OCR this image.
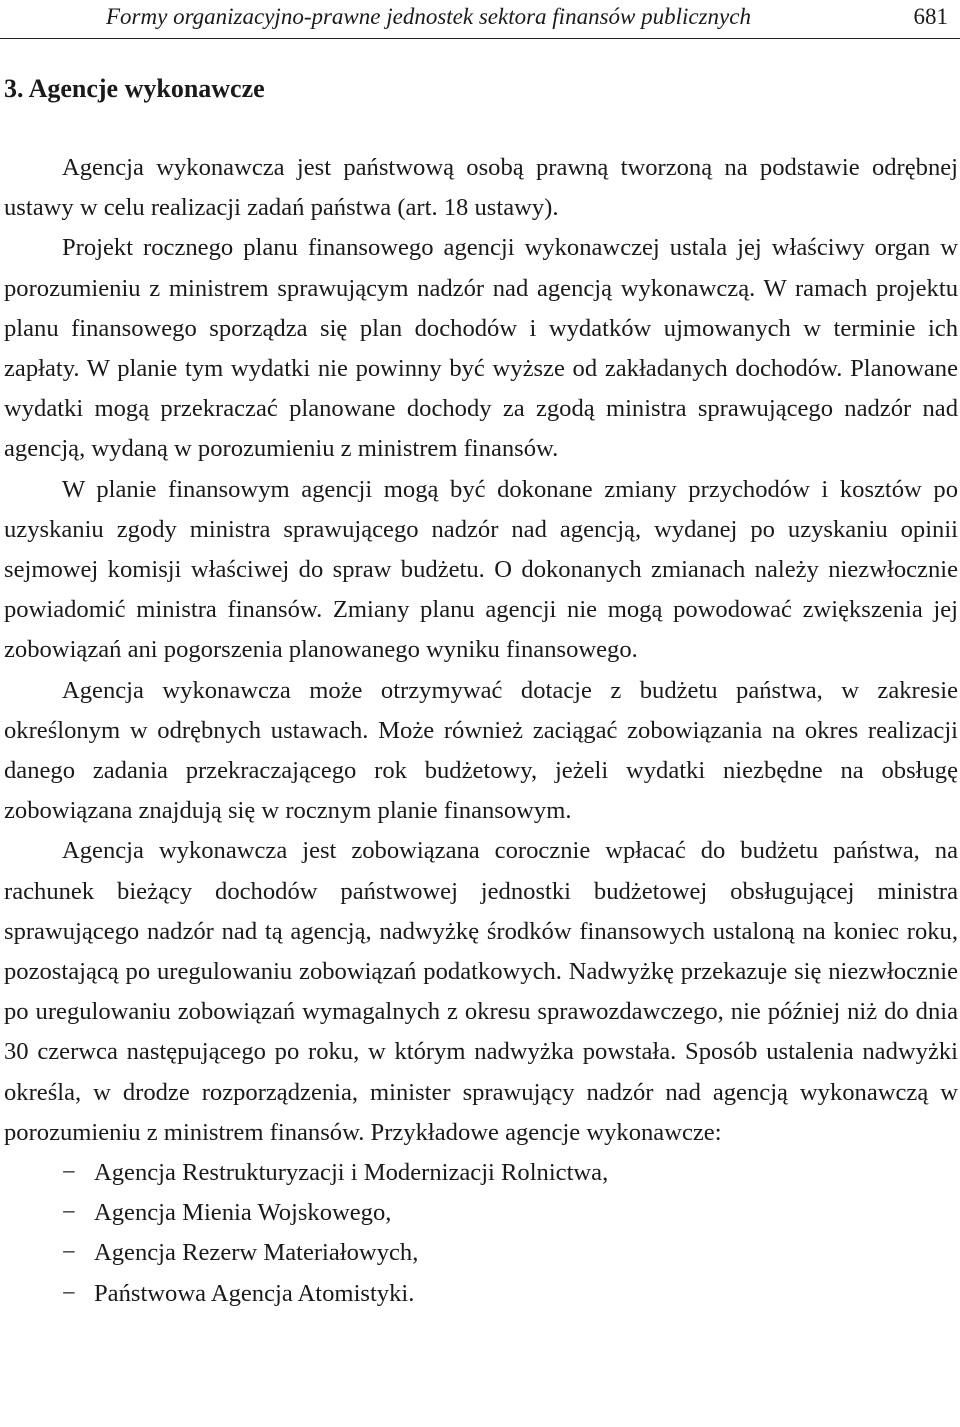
Formy organizacyjno-prawne jednostek sektora finansów publicznych	681
3. Agencje wykonawcze

Agencja wykonawcza jest państwową osobą prawną tworzoną na podstawie odrębnej ustawy w celu realizacji zadań państwa (art. 18 ustawy).

Projekt rocznego planu finansowego agencji wykonawczej ustala jej właściwy organ w porozumieniu z ministrem sprawującym nadzór nad agencją wykonawczą. W ramach projektu planu finansowego sporządza się plan dochodów i wydatków ujmowanych w terminie ich zapłaty. W planie tym wydatki nie powinny być wyższe od zakładanych dochodów. Planowane wydatki mogą przekraczać planowane dochody za zgodą ministra sprawującego nadzór nad agencją, wydaną w porozumieniu z ministrem finansów.

W planie finansowym agencji mogą być dokonane zmiany przychodów i kosztów po uzyskaniu zgody ministra sprawującego nadzór nad agencją, wydanej po uzyskaniu opinii sejmowej komisji właściwej do spraw budżetu. O dokonanych zmianach należy niezwłocznie powiadomić ministra finansów. Zmiany planu agencji nie mogą powodować zwiększenia jej zobowiązań ani pogorszenia planowanego wyniku finansowego.

Agencja wykonawcza może otrzymywać dotacje z budżetu państwa, w zakresie określonym w odrębnych ustawach. Może również zaciągać zobowiązania na okres realizacji danego zadania przekraczającego rok budżetowy, jeżeli wydatki niezbędne na obsługę zobowiązana znajdują się w rocznym planie finansowym.

Agencja wykonawcza jest zobowiązana corocznie wpłacać do budżetu państwa, na rachunek bieżący dochodów państwowej jednostki budżetowej obsługującej ministra sprawującego nadzór nad tą agencją, nadwyżkę środków finansowych ustaloną na koniec roku, pozostającą po uregulowaniu zobowiązań podatkowych. Nadwyżkę przekazuje się niezwłocznie po uregulowaniu zobowiązań wymagalnych z okresu sprawozdawczego, nie później niż do dnia 30 czerwca następującego po roku, w którym nadwyżka powstała. Sposób ustalenia nadwyżki określa, w drodze rozporządzenia, minister sprawujący nadzór nad agencją wykonawczą w porozumieniu z ministrem finansów. Przykładowe agencje wykonawcze:

− Agencja Restrukturyzacji i Modernizacji Rolnictwa,
− Agencja Mienia Wojskowego,
− Agencja Rezerw Materiałowych,
− Państwowa Agencja Atomistyki.
